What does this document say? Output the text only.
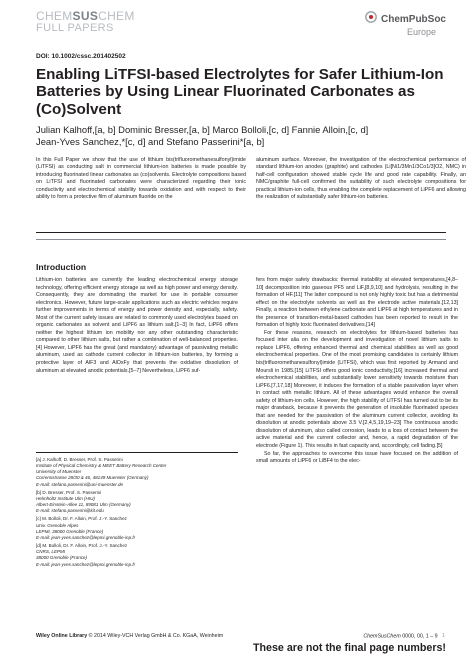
CHEMSUSCHEM
FULL PAPERS
ChemPubSoc
Europe
DOI: 10.1002/cssc.201402502
Enabling LiTFSI-based Electrolytes for Safer Lithium-Ion Batteries by Using Linear Fluorinated Carbonates as (Co)Solvent
Julian Kalhoff,[a, b] Dominic Bresser,[a, b] Marco Bolloli,[c, d] Fannie Alloin,[c, d]
Jean-Yves Sanchez,*[c, d] and Stefano Passerini*[a, b]
In this Full Paper we show that the use of lithium bis(trifluoromethanesulfonyl)imide (LiTFSI) as conducting salt in commercial lithium-ion batteries is made possible by introducing fluorinated linear carbonates as (co)solvents. Electrolyte compositions based on LiTFSI and fluorinated carbonates were characterized regarding their ionic conductivity and electrochemical stability towards oxidation and with respect to their ability to form a protective film of aluminum fluoride on the
aluminum surface. Moreover, the investigation of the electrochemical performance of standard lithium-ion anodes (graphite) and cathodes (Li[Ni1/3Mn1/3Co1/3]O2, NMC) in half-cell configuration showed stable cycle life and good rate capability. Finally, an NMC/graphite full-cell confirmed the suitability of such electrolyte compositions for practical lithium-ion cells, thus enabling the complete replacement of LiPF6 and allowing the realization of substantially safer lithium-ion batteries.
Introduction

Lithium-ion batteries are currently the leading electrochemical energy storage technology, offering efficient energy storage as well as high power and energy density. Consequently, they are dominating the market for use in portable consumer electronics. However, future large-scale applications such as electric vehicles require further improvements in terms of energy and power density and, especially, safety. Most of the current safety issues are related to commonly used electrolytes based on organic carbonates as solvent and LiPF6 as lithium salt.[1–3] In fact, LiPF6 offers neither the highest lithium ion mobility nor any other outstanding characteristic compared to other lithium salts, but rather a combination of well-balanced properties.[4] However, LiPF6 has the great (and mandatory) advantage of passivating metallic aluminum, used as cathode current collector in lithium-ion batteries, by forming a protective layer of AlF3 and AlOxFy that prevents the oxidative dissolution of aluminum at elevated anodic potentials.[5–7] Nevertheless, LiPF6 suf-

fers from major safety drawbacks: thermal instability at elevated temperatures,[4,8–10] decomposition into gaseous PF5 and LiF,[8,9,10] and hydrolysis, resulting in the formation of HF.[11] The latter compound is not only highly toxic but has a detrimental effect on the electrolyte solvents as well as the electrode active materials.[12,13] Finally, a reaction between ethylene carbonate and LiPF6 at high temperatures and in the presence of transition-metal-based cathodes has been reported to result in the formation of highly toxic fluorinated derivatives.[14]

For these reasons, research on electrolytes for lithium-based batteries has focused inter alia on the development and investigation of novel lithium salts to replace LiPF6, offering enhanced thermal and chemical stabilities as well as good electrochemical properties. One of the most promising candidates is certainly lithium bis(trifluoromethanesulfonyl)imide (LiTFSI), which was first reported by Armand and Moursli in 1985.[15] LiTFSI offers good ionic conductivity,[16] increased thermal and electrochemical stabilities, and substantially lower sensitivity towards moisture than LiPF6.[7,17,18] Moreover, it induces the formation of a stable passivation layer when in contact with metallic lithium. All of these advantages would enhance the overall safety of lithium-ion cells. However, the high stability of LiTFSI has turned out to be its major drawback, because it prevents the generation of insoluble fluorinated species that are needed for the passivation of the aluminum current collector, avoiding its dissolution at anodic potentials above 3.5 V.[2,4,5,19,19–23] The continuous anodic dissolution of aluminum, also called corrosion, leads to a loss of contact between the active material and the current collector and, hence, a rapid degradation of the electrode (Figure 1). This results in fast capacity and, accordingly, cell fading.[5]

So far, the approaches to overcome this issue have focused on the addition of small amounts of LiPF6 or LiBF4 to the elec-

[a] J. Kalhoff, D. Bresser, Prof. S. Passerini
Institute of Physical Chemistry & MEET Battery Research Center
University of Muenster
Corrensstrasse 28/30 & 46, 48149 Muenster (Germany)
E-mail: stefano.passerini@uni-muenster.de
[b] D. Bresser, Prof. S. Passerini
Helmholtz Institute Ulm (HIU)
Albert-Einstein-Allee 11, 89081 Ulm (Germany)
E-mail: stefano.passerini@kit.edu
[c] M. Bolloli, Dr. F. Alloin, Prof. J.-Y. Sanchez
Univ. Grenoble Alpes
LEPMI, 38000 Grenoble (France)
E-mail: jean-yves.sanchez@lepmi.grenoble-inp.fr
[d] M. Bolloli, Dr. F. Alloin, Prof. J.-Y. Sanchez
CNRS, LEPMI
38000 Grenoble (France)
E-mail: jean-yves.sanchez@lepmi.grenoble-inp.fr
Wiley Online Library © 2014 Wiley-VCH Verlag GmbH & Co. KGaA, Weinheim	ChemSusChem 0000, 00, 1 – 9 1
These are not the final page numbers!
